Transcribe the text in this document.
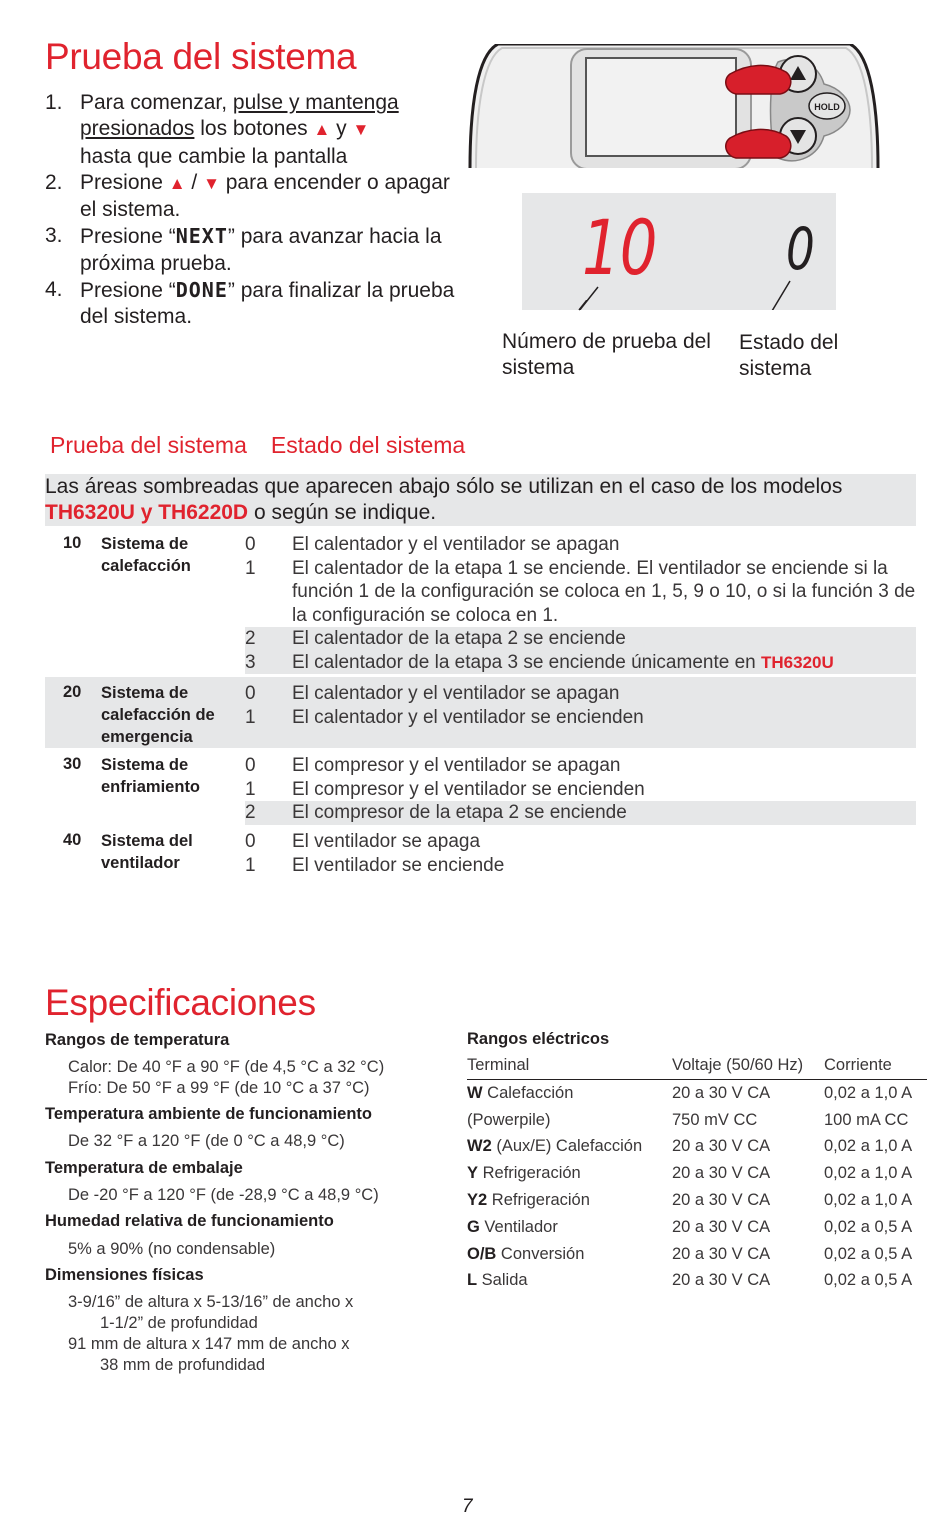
Prueba del sistema
1. Para comenzar, pulse y mantenga presionados los botones ▲ y ▼
hasta que cambie la pantalla
2. Presione ▲ / ▼ para encender o apagar el sistema.
3. Presione “NEXT” para avanzar hacia la próxima prueba.
4. Presione “DONE” para finalizar la prueba del sistema.
HOLD
10 0
Número de prueba del sistema
Estado del sistema
Prueba del sistema Estado del sistema
Las áreas sombreadas que aparecen abajo sólo se utilizan en el caso de los modelos TH6320U y TH6220D o según se indique.
10 Sistema de calefacción
0	El calentador y el ventilador se apagan
1	El calentador de la etapa 1 se enciende. El ventilador se enciende si la función 1 de la configuración se coloca en 1, 5, 9 o 10, o si la función 3 de la configuración se coloca en 1.
2	El calentador de la etapa 2 se enciende
3	El calentador de la etapa 3 se enciende únicamente en TH6320U
20 Sistema de calefacción de emergencia
0	El calentador y el ventilador se apagan
1	El calentador y el ventilador se encienden
30 Sistema de enfriamiento
0	El compresor y el ventilador se apagan
1	El compresor y el ventilador se encienden
2	El compresor de la etapa 2 se enciende
40 Sistema del ventilador
0	El ventilador se apaga
1	El ventilador se enciende
Especificaciones
Rangos de temperatura
Calor: De 40 °F a 90 °F (de 4,5 °C a 32 °C)
Frío: De 50 °F a 99 °F (de 10 °C a 37 °C)
Temperatura ambiente de funcionamiento
De 32 °F a 120 °F (de 0 °C a 48,9 °C)
Temperatura de embalaje
De -20 °F a 120 °F (de -28,9 °C a 48,9 °C)
Humedad relativa de funcionamiento
5% a 90% (no condensable)
Dimensiones físicas
3-9/16” de altura x 5-13/16” de ancho x
1-1/2” de profundidad
91 mm de altura x 147 mm de ancho x
38 mm de profundidad
Rangos eléctricos
Terminal	Voltaje (50/60 Hz)	Corriente
W Calefacción	20 a 30 V CA	0,02 a 1,0 A
(Powerpile)	750 mV CC	100 mA CC
W2 (Aux/E) Calefacción	20 a 30 V CA	0,02 a 1,0 A
Y Refrigeración	20 a 30 V CA	0,02 a 1,0 A
Y2 Refrigeración	20 a 30 V CA	0,02 a 1,0 A
G Ventilador	20 a 30 V CA	0,02 a 0,5 A
O/B Conversión	20 a 30 V CA	0,02 a 0,5 A
L Salida	20 a 30 V CA	0,02 a 0,5 A
7
